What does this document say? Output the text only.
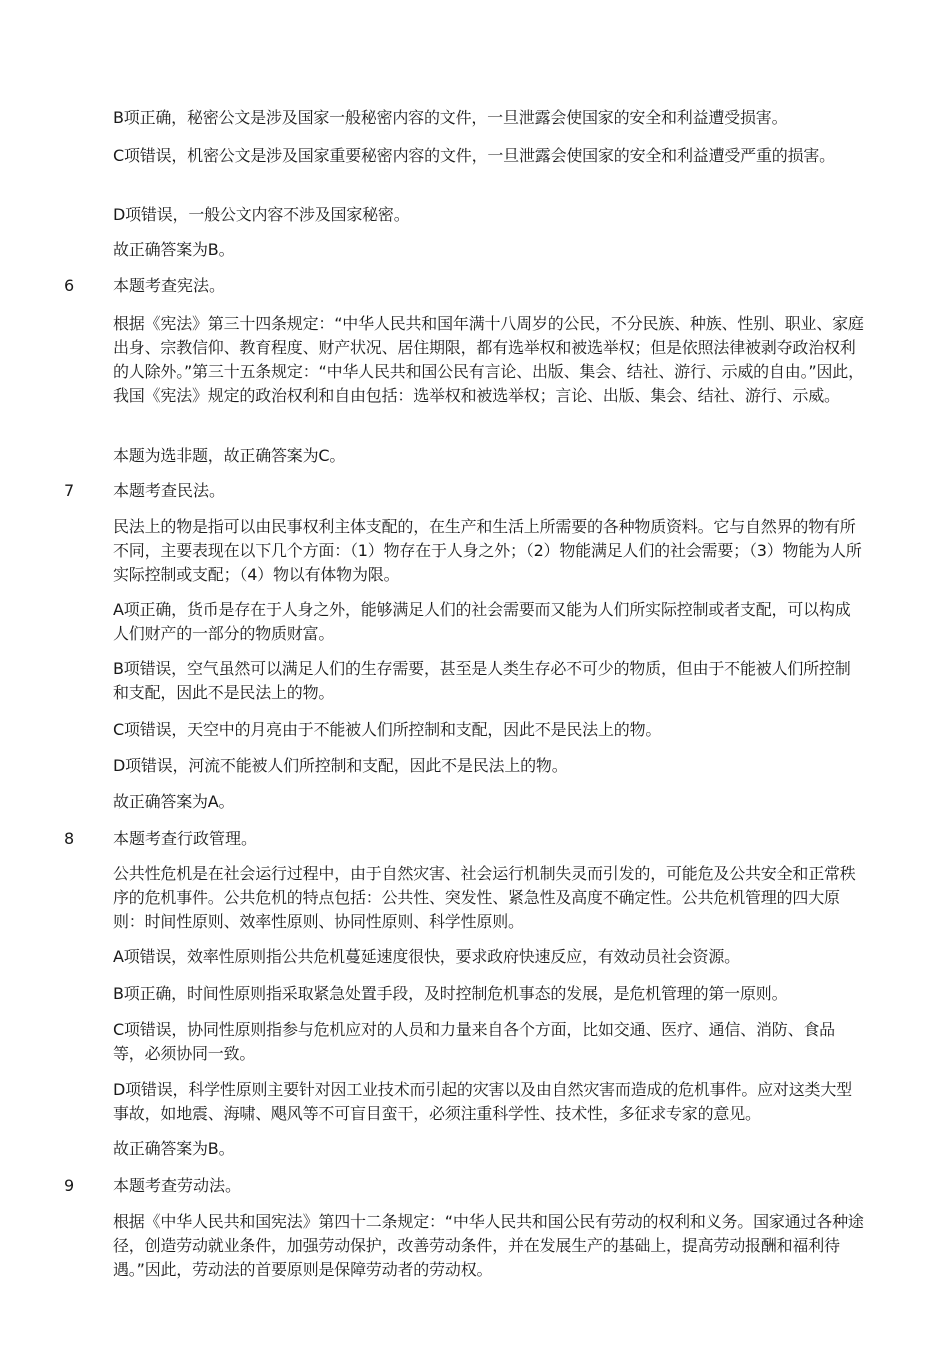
B项正确，秘密公文是涉及国家一般秘密内容的文件，一旦泄露会使国家的安全和利益遭受损害。

C项错误，机密公文是涉及国家重要秘密内容的文件，一旦泄露会使国家的安全和利益遭受严重的损害。

D项错误，一般公文内容不涉及国家秘密。

故正确答案为B。

6 本题考查宪法。

根据《宪法》第三十四条规定：“中华人民共和国年满十八周岁的公民，不分民族、种族、性别、职业、家庭出身、宗教信仰、教育程度、财产状况、居住期限，都有选举权和被选举权；但是依照法律被剥夺政治权利的人除外。”第三十五条规定：“中华人民共和国公民有言论、出版、集会、结社、游行、示威的自由。”因此，我国《宪法》规定的政治权利和自由包括：选举权和被选举权；言论、出版、集会、结社、游行、示威。

本题为选非题，故正确答案为C。

7 本题考查民法。

民法上的物是指可以由民事权利主体支配的，在生产和生活上所需要的各种物质资料。它与自然界的物有所不同，主要表现在以下几个方面：（1）物存在于人身之外；（2）物能满足人们的社会需要；（3）物能为人所实际控制或支配；（4）物以有体物为限。

A项正确，货币是存在于人身之外，能够满足人们的社会需要而又能为人们所实际控制或者支配，可以构成人们财产的一部分的物质财富。

B项错误，空气虽然可以满足人们的生存需要，甚至是人类生存必不可少的物质，但由于不能被人们所控制和支配，因此不是民法上的物。

C项错误，天空中的月亮由于不能被人们所控制和支配，因此不是民法上的物。

D项错误，河流不能被人们所控制和支配，因此不是民法上的物。

故正确答案为A。

8 本题考查行政管理。

公共性危机是在社会运行过程中，由于自然灾害、社会运行机制失灵而引发的，可能危及公共安全和正常秩序的危机事件。公共危机的特点包括：公共性、突发性、紧急性及高度不确定性。公共危机管理的四大原则：时间性原则、效率性原则、协同性原则、科学性原则。

A项错误，效率性原则指公共危机蔓延速度很快，要求政府快速反应，有效动员社会资源。

B项正确，时间性原则指采取紧急处置手段，及时控制危机事态的发展，是危机管理的第一原则。

C项错误，协同性原则指参与危机应对的人员和力量来自各个方面，比如交通、医疗、通信、消防、食品等，必须协同一致。

D项错误，科学性原则主要针对因工业技术而引起的灾害以及由自然灾害而造成的危机事件。应对这类大型事故，如地震、海啸、飓风等不可盲目蛮干，必须注重科学性、技术性，多征求专家的意见。

故正确答案为B。

9 本题考查劳动法。

根据《中华人民共和国宪法》第四十二条规定：“中华人民共和国公民有劳动的权利和义务。国家通过各种途径，创造劳动就业条件，加强劳动保护，改善劳动条件，并在发展生产的基础上，提高劳动报酬和福利待遇。”因此，劳动法的首要原则是保障劳动者的劳动权。
